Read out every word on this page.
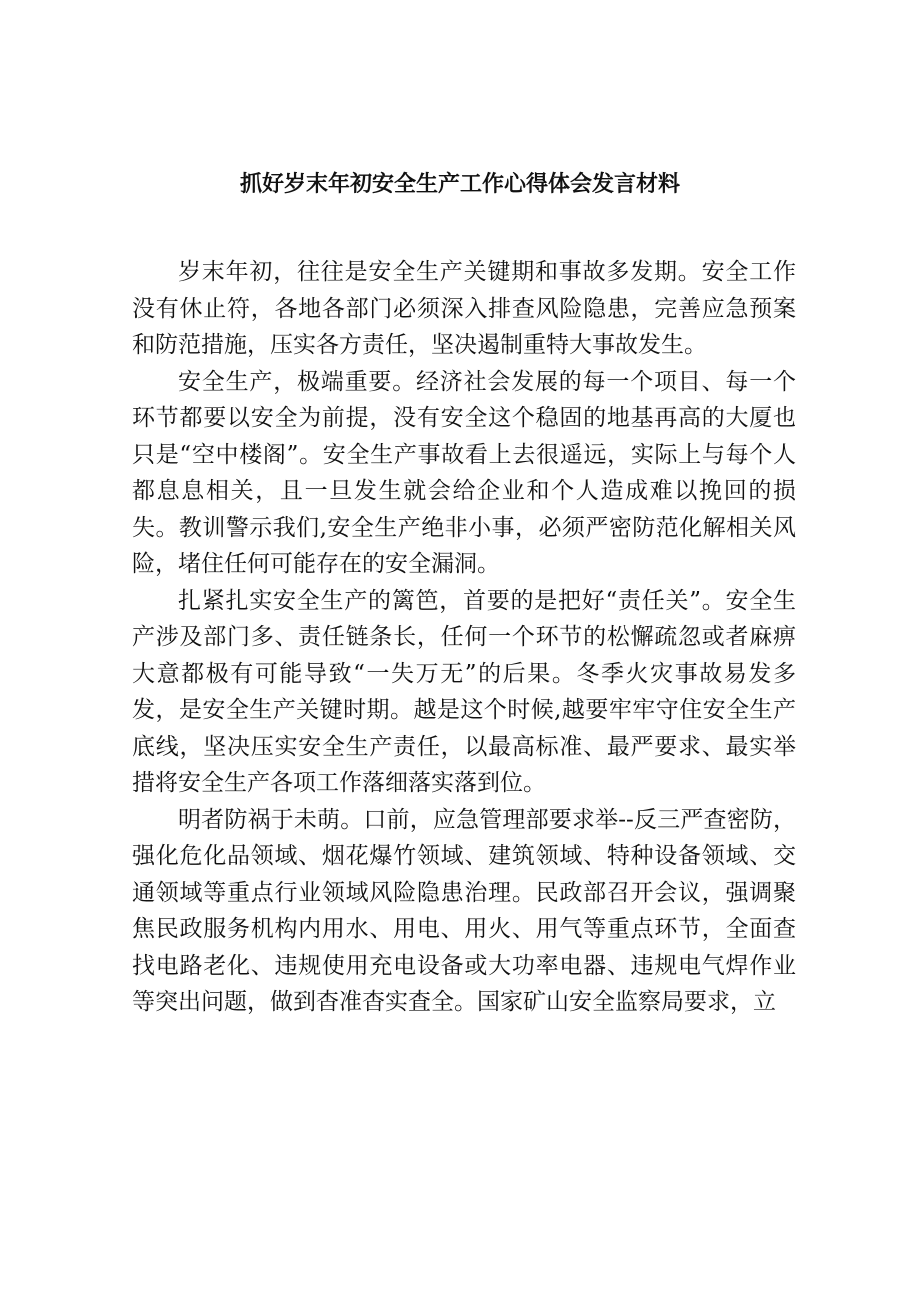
抓好岁末年初安全生产工作心得体会发言材料

岁末年初，往往是安全生产关键期和事故多发期。安全工作没有休止符，各地各部门必须深入排查风险隐患，完善应急预案和防范措施，压实各方责任，坚决遏制重特大事故发生。

安全生产，极端重要。经济社会发展的每一个项目、每一个环节都要以安全为前提，没有安全这个稳固的地基再高的大厦也只是“空中楼阁”。安全生产事故看上去很遥远，实际上与每个人都息息相关，且一旦发生就会给企业和个人造成难以挽回的损失。教训警示我们,安全生产绝非小事，必须严密防范化解相关风险，堵住任何可能存在的安全漏洞。

扎紧扎实安全生产的篱笆，首要的是把好“责任关”。安全生产涉及部门多、责任链条长，任何一个环节的松懈疏忽或者麻痹大意都极有可能导致“一失万无”的后果。冬季火灾事故易发多发，是安全生产关键时期。越是这个时候,越要牢牢守住安全生产底线，坚决压实安全生产责任，以最高标准、最严要求、最实举措将安全生产各项工作落细落实落到位。

明者防祸于未萌。口前，应急管理部要求举--反三严查密防，强化危化品领域、烟花爆竹领域、建筑领域、特种设备领域、交通领域等重点行业领域风险隐患治理。民政部召开会议，强调聚焦民政服务机构内用水、用电、用火、用气等重点环节，全面查找电路老化、违规使用充电设备或大功率电器、违规电气焊作业等突出问题，做到杳准杳实査全。国家矿山安全监察局要求，立
